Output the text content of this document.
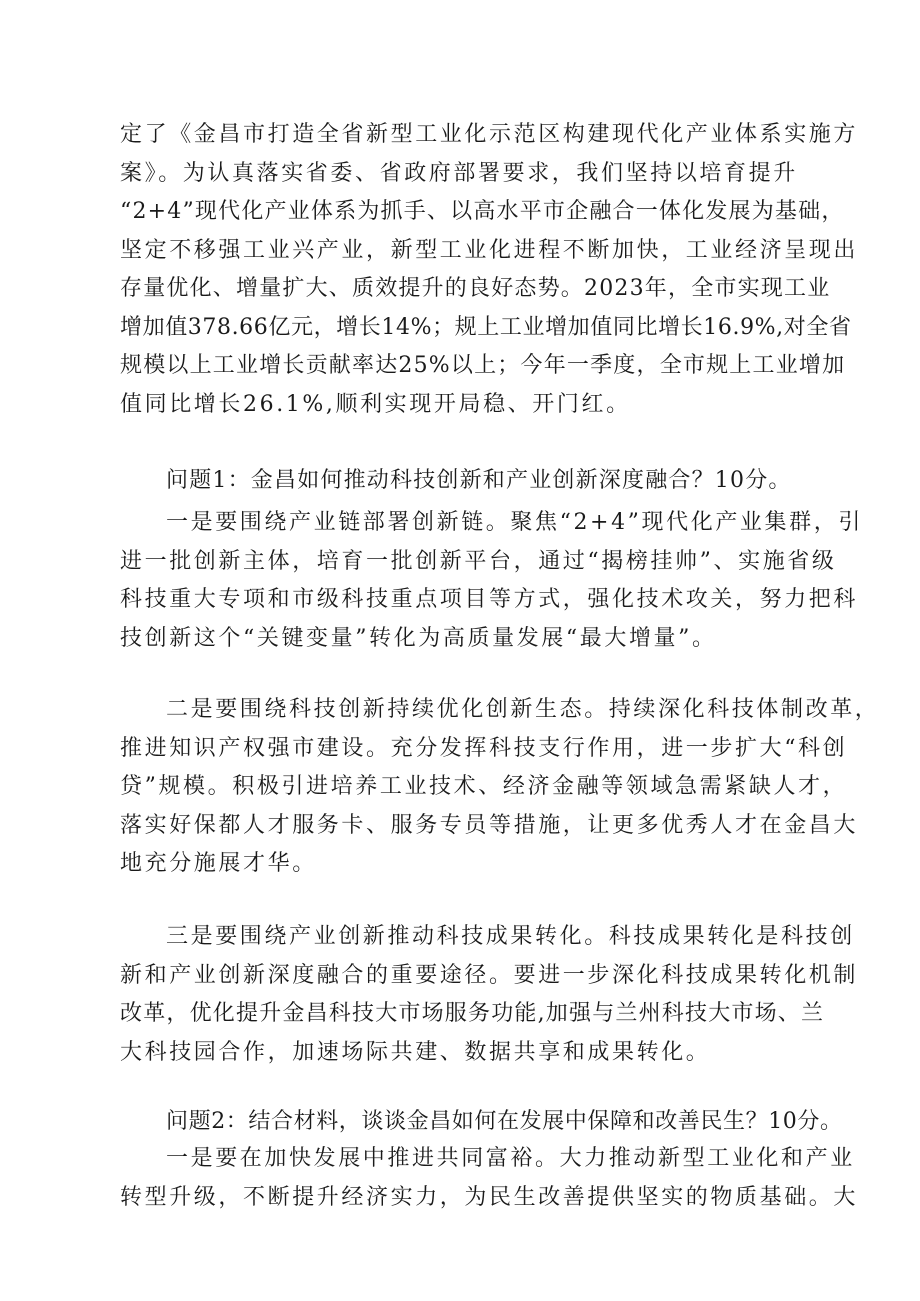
定了《金昌市打造全省新型工业化示范区构建现代化产业体系实施方
案》。为认真落实省委、省政府部署要求，我们坚持以培育提升
“2+4”现代化产业体系为抓手、以高水平市企融合一体化发展为基础，
坚定不移强工业兴产业，新型工业化进程不断加快，工业经济呈现出
存量优化、增量扩大、质效提升的良好态势。2023年，全市实现工业
增加值378.66亿元，增长14%；规上工业增加值同比增长16.9%,对全省
规模以上工业增长贡献率达25%以上；今年一季度，全市规上工业增加
值同比增长26.1%,顺利实现开局稳、开门红。
问题1：金昌如何推动科技创新和产业创新深度融合？10分。
一是要围绕产业链部署创新链。聚焦“2+4”现代化产业集群，引
进一批创新主体，培育一批创新平台，通过“揭榜挂帅”、实施省级
科技重大专项和市级科技重点项目等方式，强化技术攻关，努力把科
技创新这个“关键变量”转化为高质量发展“最大增量”。
二是要围绕科技创新持续优化创新生态。持续深化科技体制改革，
推进知识产权强市建设。充分发挥科技支行作用，进一步扩大“科创
贷”规模。积极引进培养工业技术、经济金融等领域急需紧缺人才，
落实好保都人才服务卡、服务专员等措施，让更多优秀人才在金昌大
地充分施展才华。
三是要围绕产业创新推动科技成果转化。科技成果转化是科技创
新和产业创新深度融合的重要途径。要进一步深化科技成果转化机制
改革，优化提升金昌科技大市场服务功能,加强与兰州科技大市场、兰
大科技园合作，加速场际共建、数据共享和成果转化。
问题2：结合材料，谈谈金昌如何在发展中保障和改善民生？10分。
一是要在加快发展中推进共同富裕。大力推动新型工业化和产业
转型升级，不断提升经济实力，为民生改善提供坚实的物质基础。大
